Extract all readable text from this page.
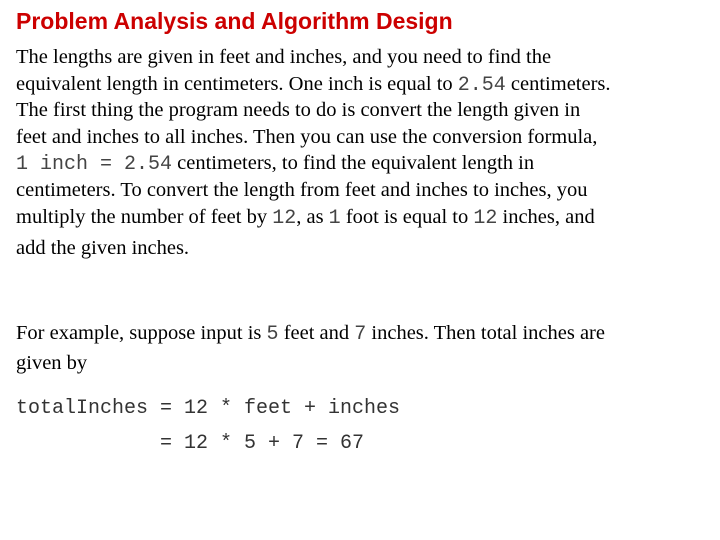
Problem Analysis and Algorithm Design
The lengths are given in feet and inches, and you need to find the
equivalent length in centimeters. One inch is equal to 2.54 centimeters.
The first thing the program needs to do is convert the length given in
feet and inches to all inches. Then you can use the conversion formula,
1 inch = 2.54 centimeters, to find the equivalent length in
centimeters. To convert the length from feet and inches to inches, you
multiply the number of feet by 12, as 1 foot is equal to 12 inches, and
add the given inches.
For example, suppose input is 5 feet and 7 inches. Then total inches are
given by
totalInches = 12 * feet + inches
= 12 * 5 + 7 = 67
